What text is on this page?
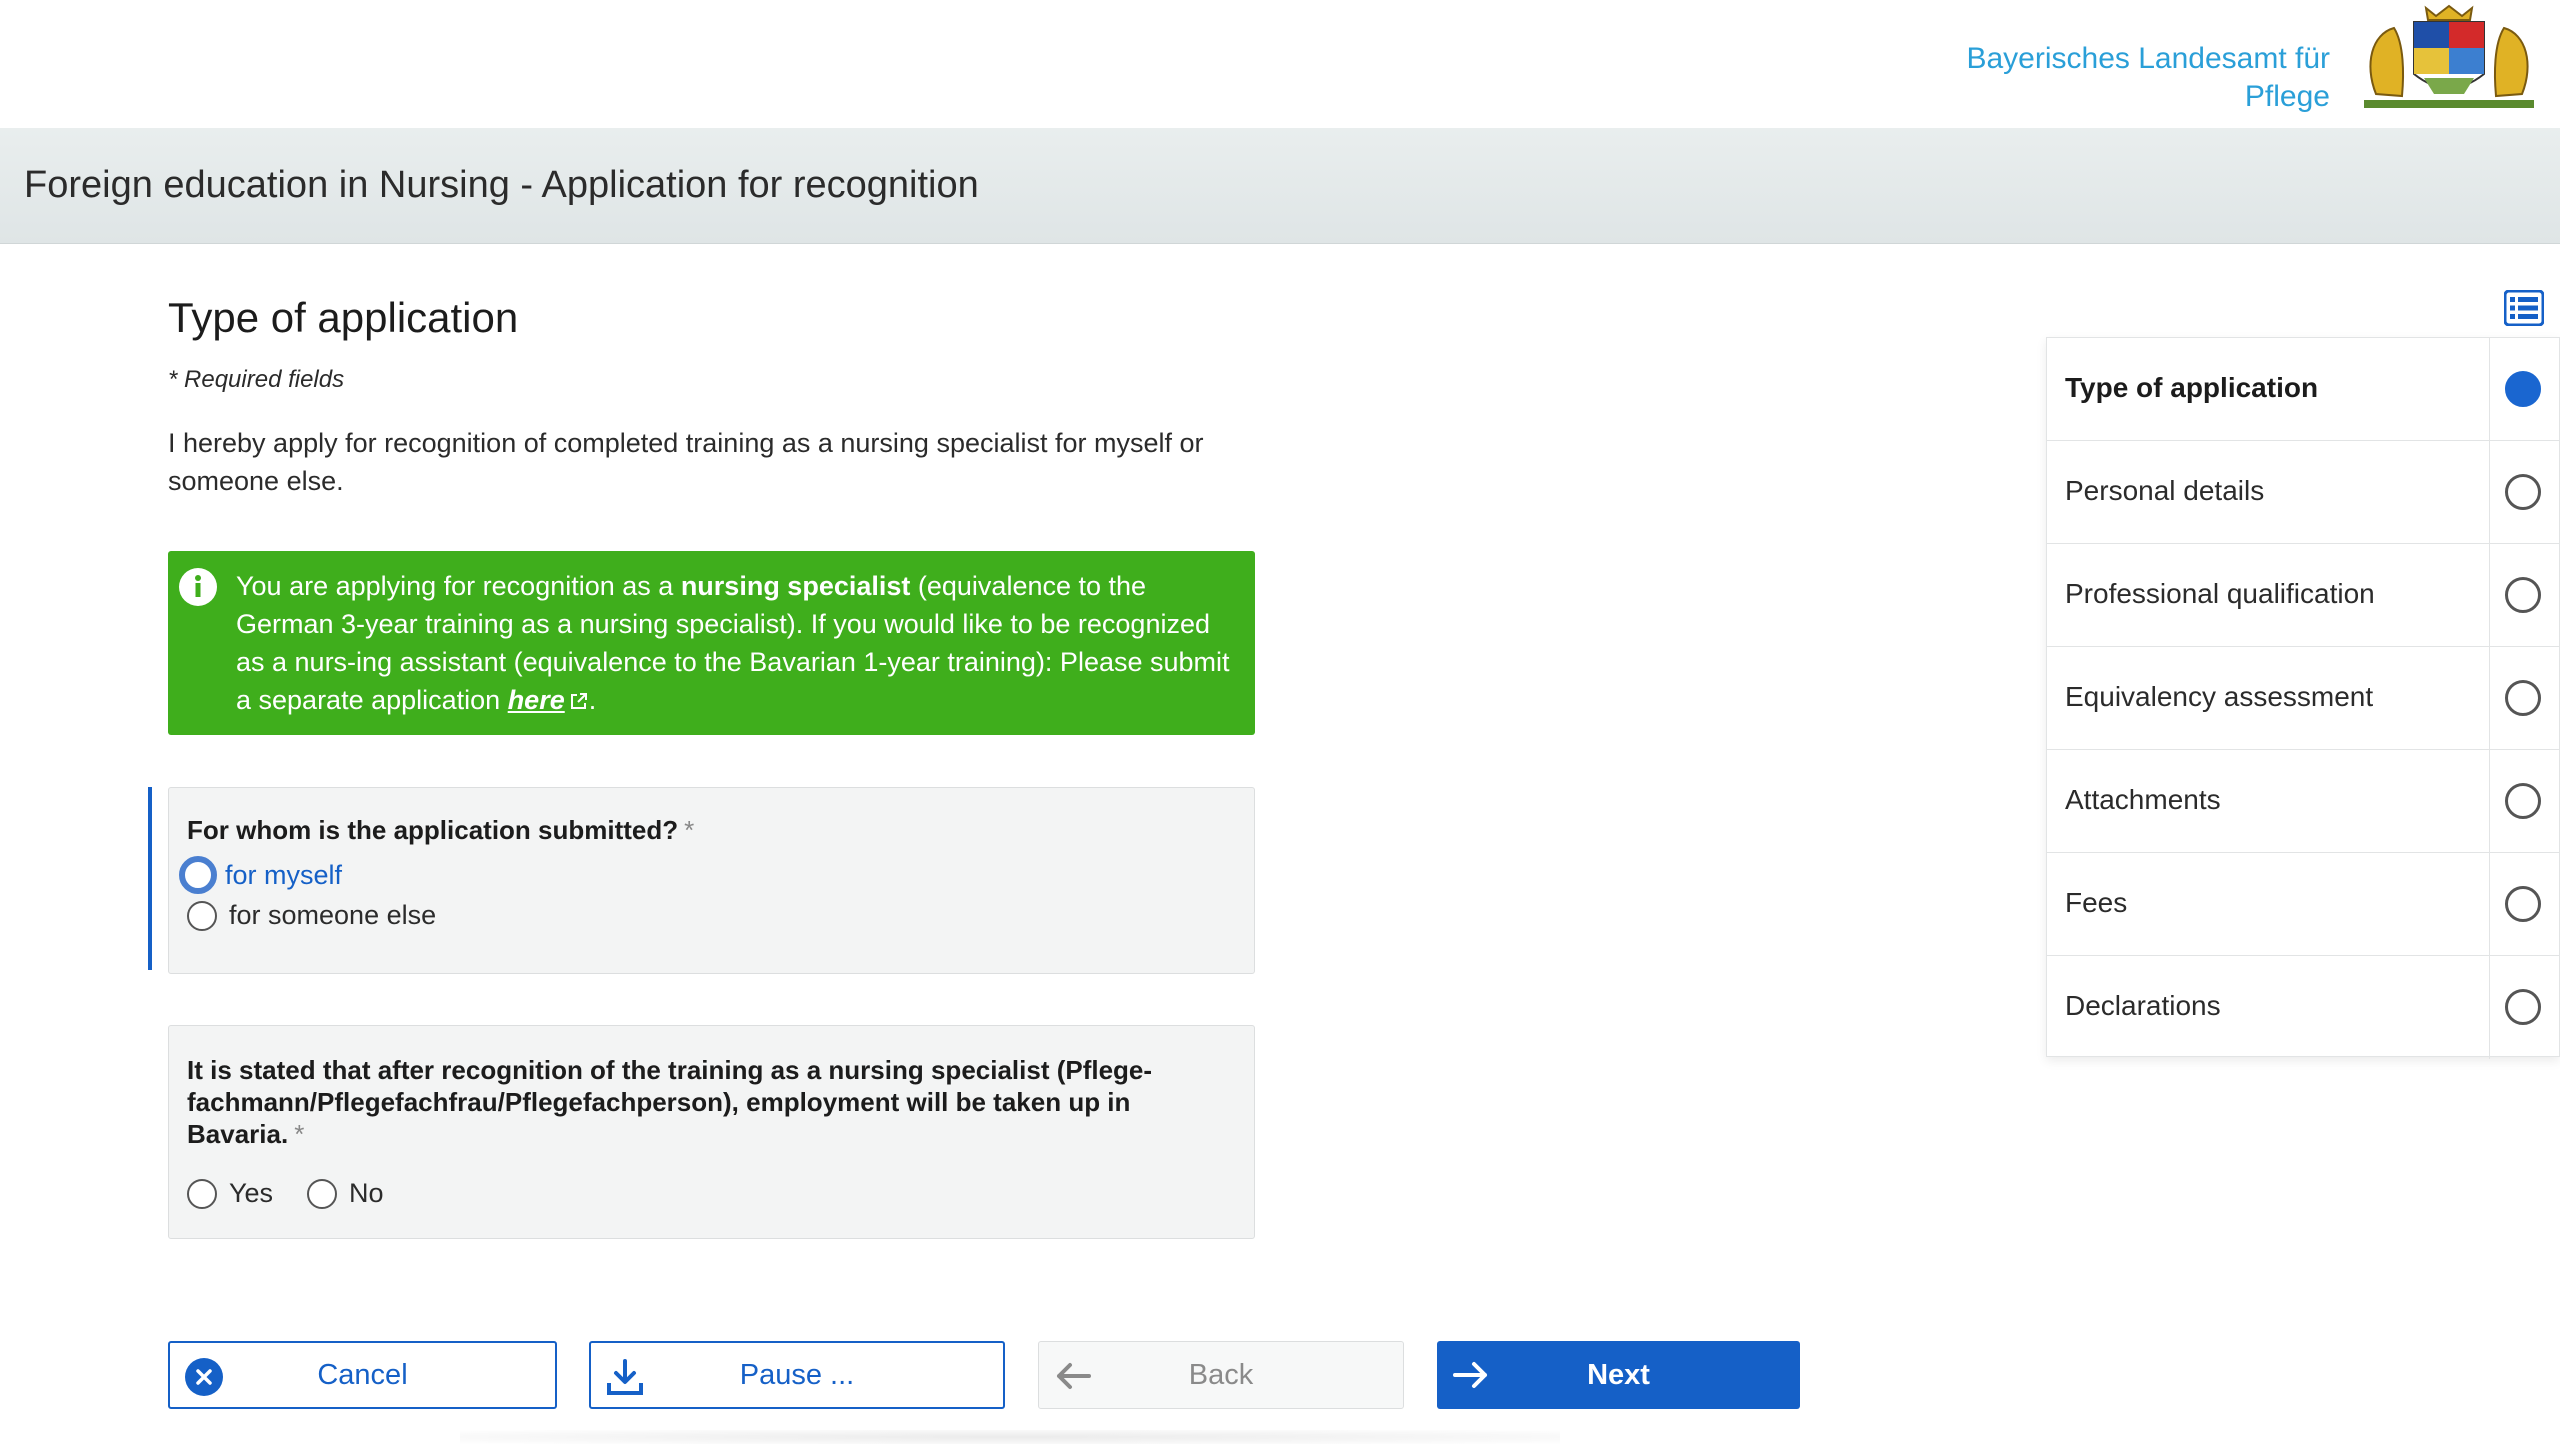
Bayerisches Landesamt für
Pflege
Foreign education in Nursing - Application for recognition
Type of application
* Required fields

I hereby apply for recognition of completed training as a nursing specialist for myself or someone else.

You are applying for recognition as a nursing specialist (equivalence to the German 3-year training as a nursing specialist). If you would like to be recognized as a nurs-ing assistant (equivalence to the Bavarian 1-year training): Please submit a separate application here .
For whom is the application submitted? *
for myself
for someone else
It is stated that after recognition of the training as a nursing specialist (Pflege-
fachmann/Pflegefachfrau/Pflegefachperson), employment will be taken up in
Bavaria. *
Yes	No
Cancel	Pause ...	Back	Next
Type of application
Personal details
Professional qualification
Equivalency assessment
Attachments
Fees
Declarations
